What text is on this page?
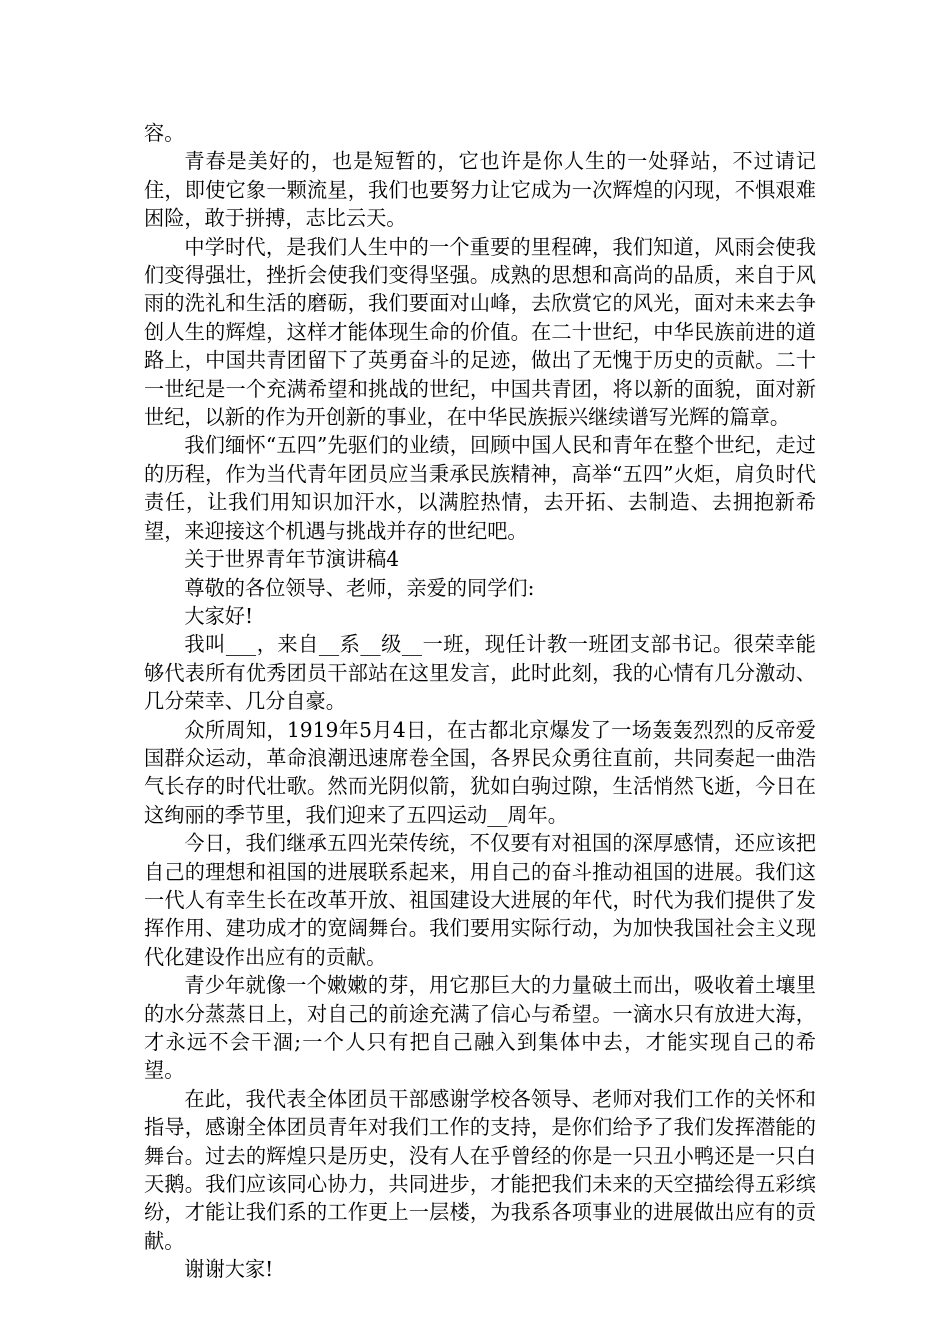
容。

青春是美好的，也是短暂的，它也许是你人生的一处驿站，不过请记住，即使它象一颗流星，我们也要努力让它成为一次辉煌的闪现，不惧艰难困险，敢于拼搏，志比云天。

中学时代，是我们人生中的一个重要的里程碑，我们知道，风雨会使我们变得强壮，挫折会使我们变得坚强。成熟的思想和高尚的品质，来自于风雨的洗礼和生活的磨砺，我们要面对山峰，去欣赏它的风光，面对未来去争创人生的辉煌，这样才能体现生命的价值。在二十世纪，中华民族前进的道路上，中国共青团留下了英勇奋斗的足迹，做出了无愧于历史的贡献。二十一世纪是一个充满希望和挑战的世纪，中国共青团，将以新的面貌，面对新世纪，以新的作为开创新的事业，在中华民族振兴继续谱写光辉的篇章。

我们缅怀“五四”先驱们的业绩，回顾中国人民和青年在整个世纪，走过的历程，作为当代青年团员应当秉承民族精神，高举“五四”火炬，肩负时代责任，让我们用知识加汗水，以满腔热情，去开拓、去制造、去拥抱新希望，来迎接这个机遇与挑战并存的世纪吧。

关于世界青年节演讲稿4

尊敬的各位领导、老师，亲爱的同学们:

大家好!

我叫___，来自__系__级__一班，现任计教一班团支部书记。很荣幸能够代表所有优秀团员干部站在这里发言，此时此刻，我的心情有几分激动、几分荣幸、几分自豪。

众所周知，1919年5月4日，在古都北京爆发了一场轰轰烈烈的反帝爱国群众运动，革命浪潮迅速席卷全国，各界民众勇往直前，共同奏起一曲浩气长存的时代壮歌。然而光阴似箭，犹如白驹过隙，生活悄然飞逝，今日在这绚丽的季节里，我们迎来了五四运动__周年。

今日，我们继承五四光荣传统，不仅要有对祖国的深厚感情，还应该把自己的理想和祖国的进展联系起来，用自己的奋斗推动祖国的进展。我们这一代人有幸生长在改革开放、祖国建设大进展的年代，时代为我们提供了发挥作用、建功成才的宽阔舞台。我们要用实际行动，为加快我国社会主义现代化建设作出应有的贡献。

青少年就像一个嫩嫩的芽，用它那巨大的力量破土而出，吸收着土壤里的水分蒸蒸日上，对自己的前途充满了信心与希望。一滴水只有放进大海，才永远不会干涸;一个人只有把自己融入到集体中去，才能实现自己的希望。

在此，我代表全体团员干部感谢学校各领导、老师对我们工作的关怀和指导，感谢全体团员青年对我们工作的支持，是你们给予了我们发挥潜能的舞台。过去的辉煌只是历史，没有人在乎曾经的你是一只丑小鸭还是一只白天鹅。我们应该同心协力，共同进步，才能把我们未来的天空描绘得五彩缤纷，才能让我们系的工作更上一层楼，为我系各项事业的进展做出应有的贡献。

谢谢大家!
